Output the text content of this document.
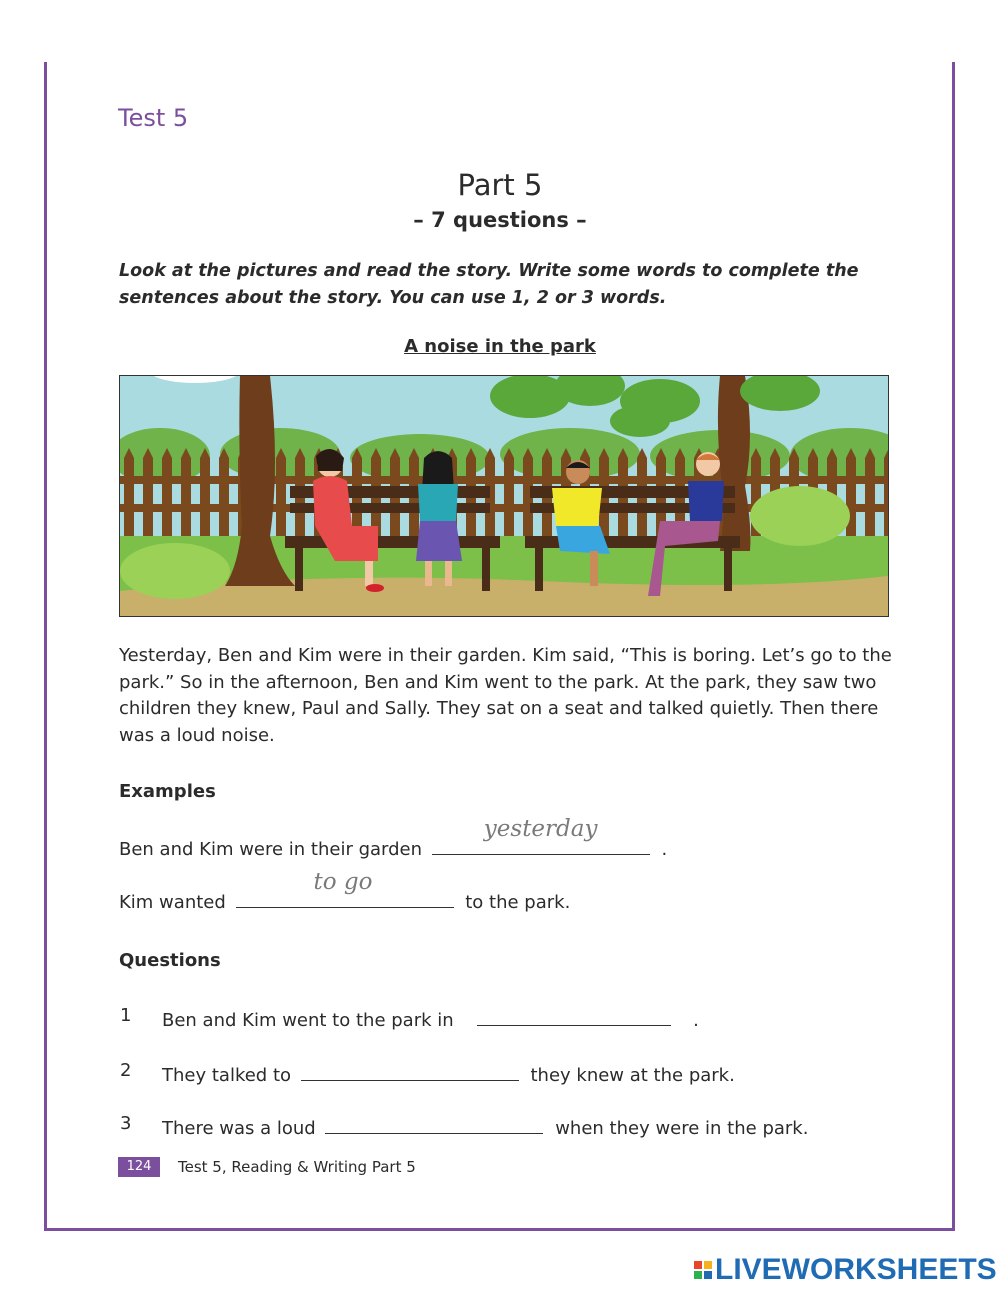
Test 5
Part 5
– 7 questions –
Look at the pictures and read the story. Write some words to complete the sentences about the story. You can use 1, 2 or 3 words.
A noise in the park
Yesterday, Ben and Kim were in their garden. Kim said, “This is boring. Let’s go to the park.” So in the afternoon, Ben and Kim went to the park. At the park, they saw two children they knew, Paul and Sally. They sat on a seat and talked quietly. Then there was a loud noise.
Examples
Ben and Kim were in their garden
yesterday
.
Kim wanted
to go
to the park.
Questions
1 Ben and Kim went to the park in	.
2 They talked to	they knew at the park.
3 There was a loud	when they were in the park.
124	Test 5, Reading & Writing Part 5
LIVEWORKSHEETS
